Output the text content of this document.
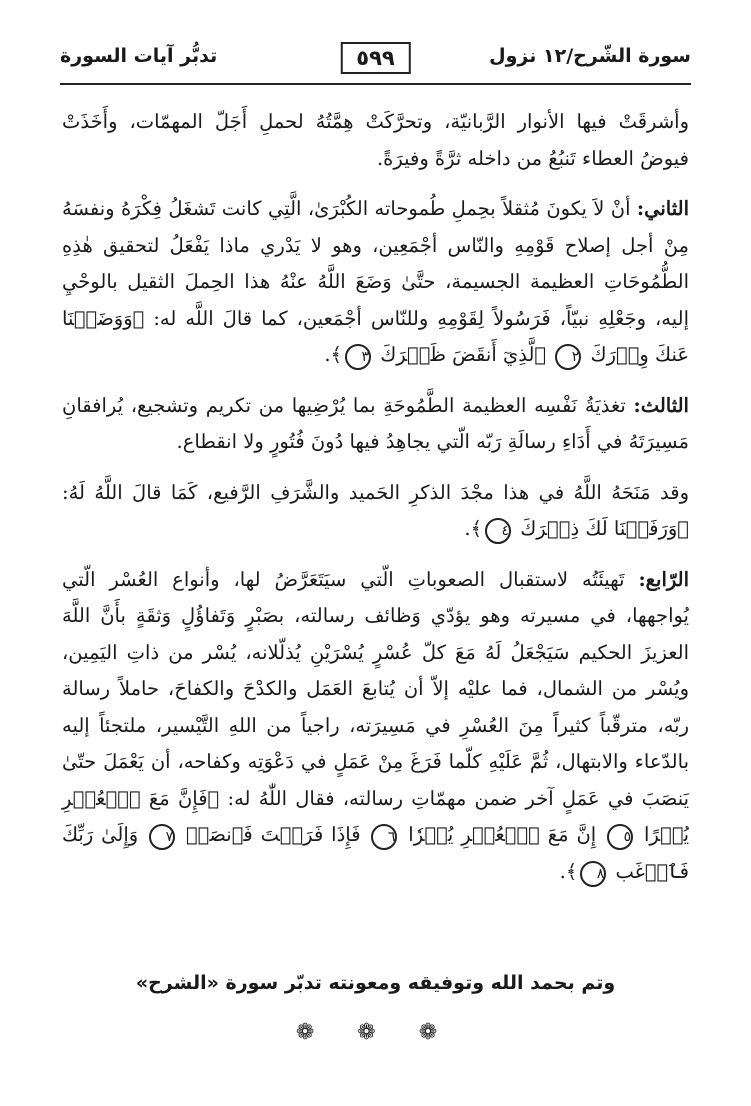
تدبُّر آيات السورة	٥٩٩	سورة الشّرح/١٢ نزول

وأشرقَتْ فيها الأنوار الرَّبانيّة، وتحرَّكَتْ هِمَّتُهُ لحملِ أَجَلّ المهمّات، وأَخَذَتْ فيوضُ العطاء تَنبُعُ من داخله ثرَّةً وفيرَةً.

الثاني: أنْ لاَ يكونَ مُثقلاً بحِملِ طُموحاته الكُبْرَىٰ، الَّتِي كانت تَشغَلُ فِكْرَهُ ونفسَهُ مِنْ أجل إصلاح قَوْمِهِ والنّاس أجْمَعِين، وهو لا يَدْري ماذا يَفْعَلُ لتحقيق هٰذِهِ الطُّمُوحَاتِ العظيمة الجسيمة، حتَّىٰ وَضَعَ اللَّهُ عنْهُ هذا الحِملَ الثقيل بالوحْيِ إليه، وجَعْلِهِ نبيّاً، فَرَسُولاً لِقَوْمِهِ وللنّاس أجْمَعين، كما قالَ اللَّه له: ﴿وَوَضَعۡنَا عَنكَ وِزۡرَكَ ٢ ٱلَّذِيٓ أَنقَضَ ظَهۡرَكَ ٣﴾.

الثالث: تغذيَةُ نَفْسِه العظيمة الطَّمُوحَةِ بما يُرْضِيها من تكريم وتشجيع، يُرافقانِ مَسِيرَتَهُ في أَدَاءِ رسالَةِ رَبّه الّتي يجاهِدُ فيها دُونَ فُتُورٍ ولا انقطاع.

وقد مَنَحَهُ اللَّهُ في هذا مجْدَ الذكرِ الحَميد والشَّرَفِ الرَّفيع، كَمَا قالَ اللَّهُ لَهُ: ﴿وَرَفَعۡنَا لَكَ ذِكۡرَكَ ٤﴾.

الرّابع: تَهيئَتُه لاستقبال الصعوباتِ الّتي سيَتَعَرَّضُ لها، وأنواع العُسْر الّتي يُواجهها، في مسيرته وهو يؤدّي وَظائف رسالته، بصَبْرٍ وَتَفاؤُلٍ وَثقَةٍ بأَنَّ اللَّهَ العزيزَ الحكيم سَيَجْعَلُ لَهُ مَعَ كلّ عُسْرٍ يُسْرَيْنِ يُذلّلانه، يُسْر من ذاتِ اليَمِين، ويُسْر من الشمال، فما عليْه إلاّ أن يُتابعَ العَمَل والكدْحَ والكفاحَ، حاملاً رسالة ربّه، مترقّباً كثيراً مِنَ العُسْرِ في مَسِيرَته، راجياً من اللهِ التَّيْسير، ملتجئاً إليه بالدّعاء والابتهال، ثُمَّ عَلَيْهِ كلّما فَرَغَ مِنْ عَمَلٍ في دَعْوَتِه وكفاحه، أن يَعْمَلَ حتّىٰ يَنصَبَ في عَمَلٍ آخر ضمن مهمّاتِ رسالته، فقال اللّٰهُ له: ﴿فَإِنَّ مَعَ ٱلۡعُسۡرِ يُسۡرًا ٥ إِنَّ مَعَ ٱلۡعُسۡرِ يُسۡرٗا ٦ فَإِذَا فَرَغۡتَ فَٱنصَبۡ ٧ وَإِلَىٰ رَبِّكَ فَٱرۡغَب ٨﴾.

وتم بحمد الله وتوفيقه ومعونته تدبّر سورة «الشرح»
❁ ❁ ❁
